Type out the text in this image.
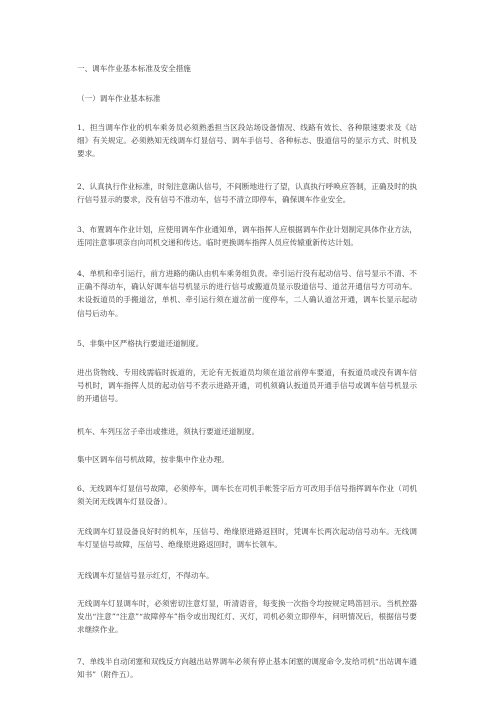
一、调车作业基本标准及安全措施

（一）调车作业基本标准

1、担当调车作业的机车乘务员必须熟悉担当区段站场设备情况、线路有效长、各种限速要求及《站细》有关规定。必须熟知无线调车灯显信号、调车手信号、各种标志、股道信号的显示方式、时机及要求。

2、认真执行作业标准，时刻注意确认信号，不间断地进行了望，认真执行呼唤应答制，正确及时的执行信号显示的要求，没有信号不准动车，信号不清立即停车，确保调车作业安全。

3、布置调车作业计划，应使用调车作业通知单，调车指挥人应根据调车作业计划制定具体作业方法，连同注意事项亲自向司机交递和传达。临时更换调车指挥人员应传辕重新传达计划。

4、单机和牵引运行，前方进路的确认由机车乘务组负责。牵引运行没有起动信号、信号显示不清、不正确不得动车，确认好调车信号机显示的进行信号或搬道员显示股道信号、道岔开通信号方可动车。未设扳道员的手搬道岔，单机、牵引运行须在道岔前一度停车，二人确认道岔开通，调车长显示起动信号后动车。

5、非集中区严格执行要道还道制度。

进出货物线、专用线需临时扳道的，无论有无扳道员均须在道岔前停车要道，有扳道员或没有调车信号机时，调车指挥人员的起动信号不表示进路开通，司机须确认扳道员开通手信号或调车信号机显示的开通信号。

机车、车列压岔子牵出或推进，须执行要道还道制度。

集中区调车信号机故障，按非集中作业办理。

6、无线调车灯显信号故障，必须停车，调车长在司机手帐签字后方可改用手信号指挥调车作业（司机须关闭无线调车灯显设备）。

无线调车灯显设备良好时的机车，压信号、绝缘原进路返回时，凭调车长两次起动信号动车。无线调车灯显信号故障，压信号、绝缘原进路返回时，调车长领车。

无线调车灯显信号显示红灯，不得动车。

无线调车灯显调车时，必须密切注意灯显，听清语音，每变换一次指令均按规定鸣笛回示。当机控器发出“注意”“注意”“故障停车”指令或出现红灯、灭灯，司机必须立即停车，问明情况后，根据信号要求继续作业。

7、单线半自动闭塞和双线反方向越出站界调车必须有停止基本闭塞的调度命令,发给司机“出站调车通知书”（附件五）。
